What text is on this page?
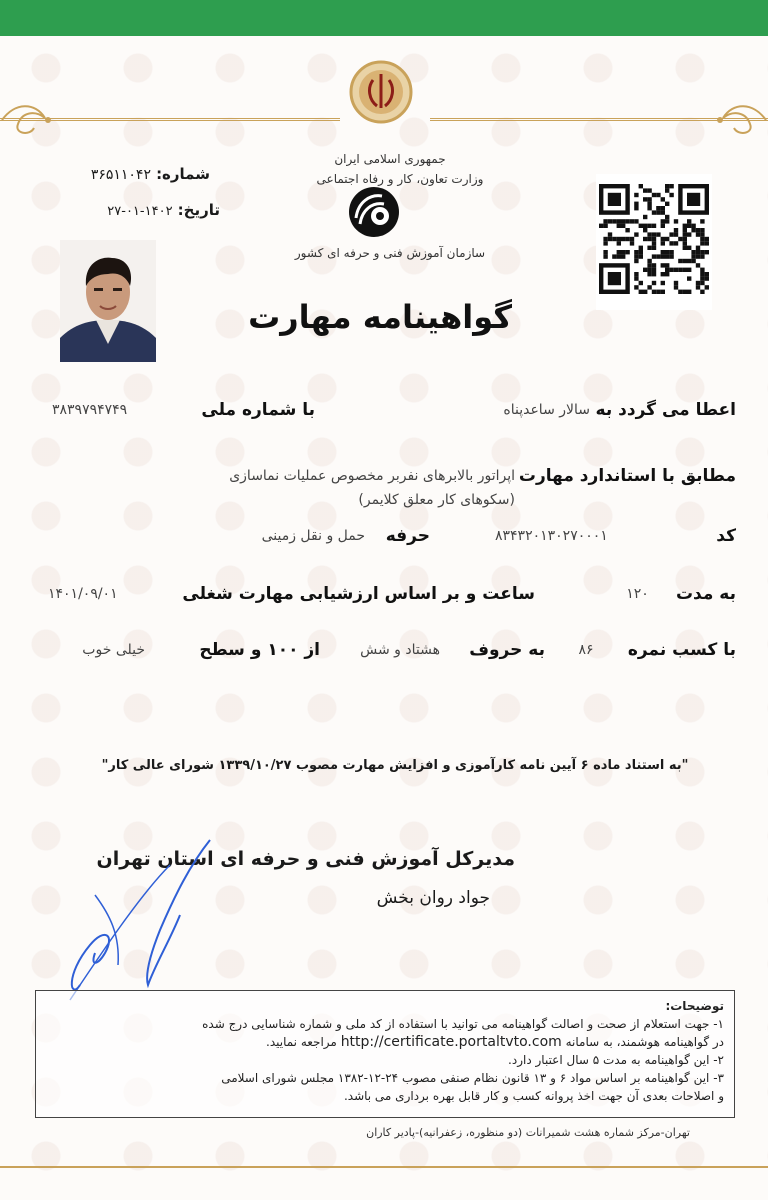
جمهوری اسلامی ایران
وزارت تعاون، کار و رفاه اجتماعی
شماره: ۳۶۵۱۱۰۴۲
تاریخ: ۱۴۰۲-۰۱-۲۷
سازمان آموزش فنی و حرفه ای کشور
گواهینامه مهارت
اعطا می گردد به
سالار ساعدپناه
با شماره ملی
۳۸۳۹۷۹۴۷۴۹
مطابق با استاندارد مهارت
اپراتور بالابرهای نفربر مخصوص عملیات نماسازی
(سکوهای کار معلق کلایمر)
کد
۸۳۴۳۲۰۱۳۰۲۷۰۰۰۱
حرفه
حمل و نقل زمینی
به مدت
۱۲۰
ساعت و بر اساس ارزشیابی مهارت شغلی
۱۴۰۱/۰۹/۰۱
با کسب نمره
۸۶
به حروف
هشتاد و شش
از ۱۰۰ و سطح
خیلی خوب
"به استناد ماده ۶ آیین نامه کارآموزی و افزایش مهارت مصوب ۱۳۳۹/۱۰/۲۷ شورای عالی کار"
مدیرکل آموزش فنی و حرفه ای استان تهران
جواد روان بخش
توضیحات:
۱- جهت استعلام از صحت و اصالت گواهینامه می توانید با استفاده از کد ملی و شماره شناسایی درج شده
در گواهینامه هوشمند، به سامانه http://certificate.portaltvto.com مراجعه نمایید.
۲- این گواهینامه به مدت ۵ سال اعتبار دارد.
۳- این گواهینامه بر اساس مواد ۶ و ۱۳ قانون نظام صنفی مصوب ۲۴-۱۲-۱۳۸۲ مجلس شورای اسلامی
و اصلاحات بعدی آن جهت اخذ پروانه کسب و کار قابل بهره برداری می باشد.
تهران-مرکز شماره هشت شمیرانات (دو منظوره، زعفرانیه)-پادیر کاران
